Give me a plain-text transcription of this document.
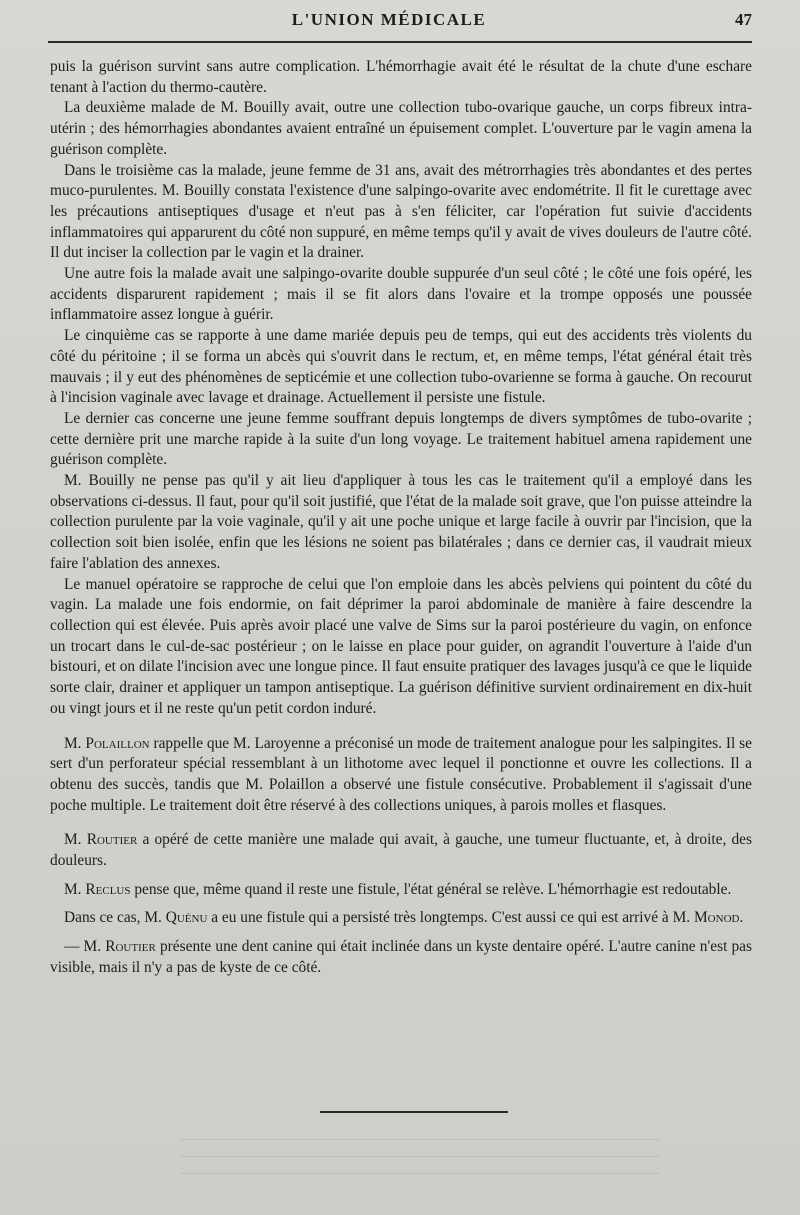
L'UNION MÉDICALE	47

puis la guérison survint sans autre complication. L'hémorrhagie avait été le résultat de la chute d'une eschare tenant à l'action du thermo-cautère.

La deuxième malade de M. Bouilly avait, outre une collection tubo-ovarique gauche, un corps fibreux intra-utérin ; des hémorrhagies abondantes avaient entraîné un épuisement complet. L'ouverture par le vagin amena la guérison complète.

Dans le troisième cas la malade, jeune femme de 31 ans, avait des métrorrhagies très abondantes et des pertes muco-purulentes. M. Bouilly constata l'existence d'une salpingo-ovarite avec endométrite. Il fit le curettage avec les précautions antiseptiques d'usage et n'eut pas à s'en féliciter, car l'opération fut suivie d'accidents inflammatoires qui apparurent du côté non suppuré, en même temps qu'il y avait de vives douleurs de l'autre côté. Il dut inciser la collection par le vagin et la drainer.

Une autre fois la malade avait une salpingo-ovarite double suppurée d'un seul côté ; le côté une fois opéré, les accidents disparurent rapidement ; mais il se fit alors dans l'ovaire et la trompe opposés une poussée inflammatoire assez longue à guérir.

Le cinquième cas se rapporte à une dame mariée depuis peu de temps, qui eut des accidents très violents du côté du péritoine ; il se forma un abcès qui s'ouvrit dans le rectum, et, en même temps, l'état général était très mauvais ; il y eut des phénomènes de septicémie et une collection tubo-ovarienne se forma à gauche. On recourut à l'incision vaginale avec lavage et drainage. Actuellement il persiste une fistule.

Le dernier cas concerne une jeune femme souffrant depuis longtemps de divers symptômes de tubo-ovarite ; cette dernière prit une marche rapide à la suite d'un long voyage. Le traitement habituel amena rapidement une guérison complète.

M. Bouilly ne pense pas qu'il y ait lieu d'appliquer à tous les cas le traitement qu'il a employé dans les observations ci-dessus. Il faut, pour qu'il soit justifié, que l'état de la malade soit grave, que l'on puisse atteindre la collection purulente par la voie vaginale, qu'il y ait une poche unique et large facile à ouvrir par l'incision, que la collection soit bien isolée, enfin que les lésions ne soient pas bilatérales ; dans ce dernier cas, il vaudrait mieux faire l'ablation des annexes.

Le manuel opératoire se rapproche de celui que l'on emploie dans les abcès pelviens qui pointent du côté du vagin. La malade une fois endormie, on fait déprimer la paroi abdominale de manière à faire descendre la collection qui est élevée. Puis après avoir placé une valve de Sims sur la paroi postérieure du vagin, on enfonce un trocart dans le cul-de-sac postérieur ; on le laisse en place pour guider, on agrandit l'ouverture à l'aide d'un bistouri, et on dilate l'incision avec une longue pince. Il faut ensuite pratiquer des lavages jusqu'à ce que le liquide sorte clair, drainer et appliquer un tampon antiseptique. La guérison définitive survient ordinairement en dix-huit ou vingt jours et il ne reste qu'un petit cordon induré.

M. Polaillon rappelle que M. Laroyenne a préconisé un mode de traitement analogue pour les salpingites. Il se sert d'un perforateur spécial ressemblant à un lithotome avec lequel il ponctionne et ouvre les collections. Il a obtenu des succès, tandis que M. Polaillon a observé une fistule consécutive. Probablement il s'agissait d'une poche multiple. Le traitement doit être réservé à des collections uniques, à parois molles et flasques.

M. Routier a opéré de cette manière une malade qui avait, à gauche, une tumeur fluctuante, et, à droite, des douleurs.

M. Reclus pense que, même quand il reste une fistule, l'état général se relève. L'hémorrhagie est redoutable.

Dans ce cas, M. Quénu a eu une fistule qui a persisté très longtemps. C'est aussi ce qui est arrivé à M. Monod.

— M. Routier présente une dent canine qui était inclinée dans un kyste dentaire opéré. L'autre canine n'est pas visible, mais il n'y a pas de kyste de ce côté.
